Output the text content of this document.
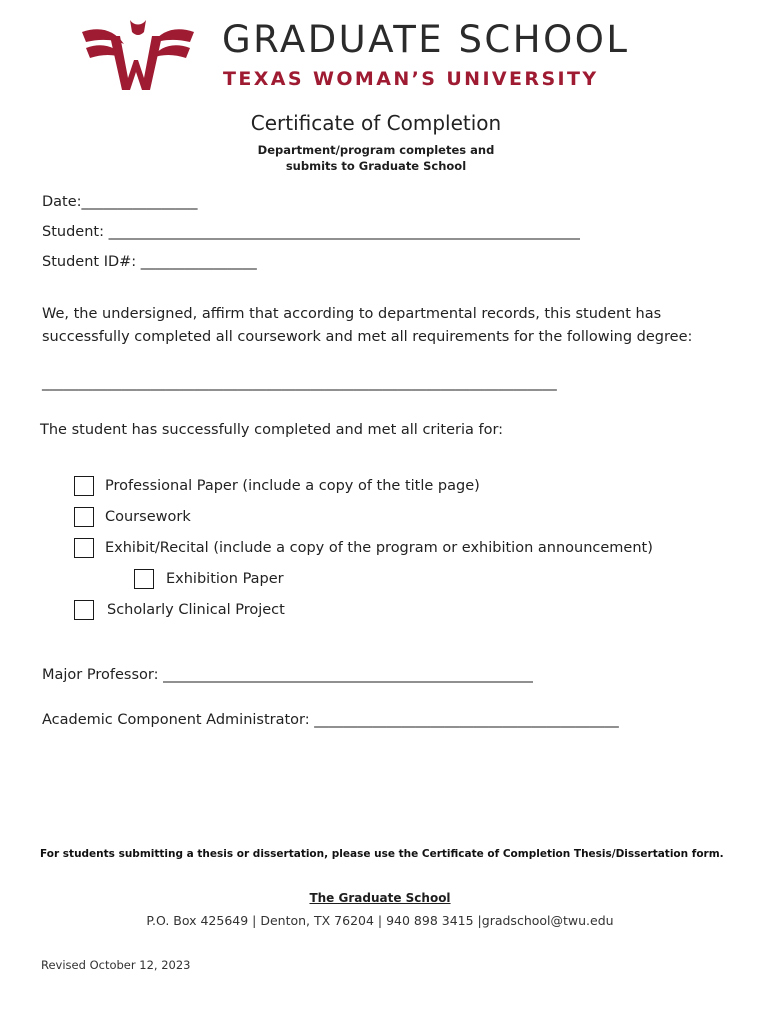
GRADUATE SCHOOL
TEXAS WOMAN’S UNIVERSITY
Certificate of Completion
Department/program completes and
submits to Graduate School
Date:________________
Student: _________________________________________________________________
Student ID#: ________________
We, the undersigned, affirm that according to departmental records, this student has successfully completed all coursework and met all requirements for the following degree:
_______________________________________________________________________
The student has successfully completed and met all criteria for:
Professional Paper (include a copy of the title page)
Coursework
Exhibit/Recital (include a copy of the program or exhibition announcement)
Exhibition Paper
Scholarly Clinical Project
Major Professor: ___________________________________________________
Academic Component Administrator: __________________________________________
For students submitting a thesis or dissertation, please use the Certificate of Completion Thesis/Dissertation form.
The Graduate School
P.O. Box 425649 | Denton, TX 76204 | 940 898 3415 |gradschool@twu.edu
Revised October 12, 2023
